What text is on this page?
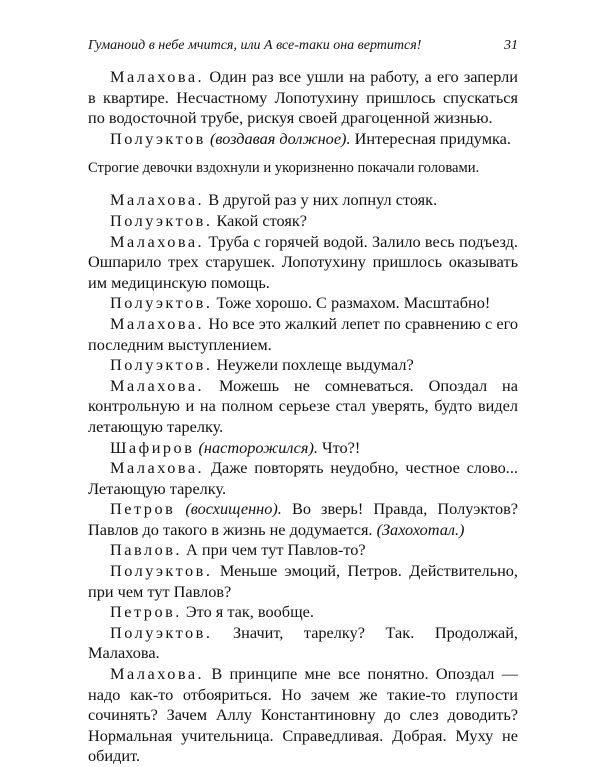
Гуманоид в небе мчится, или А все-таки она вертится!	31

Малахова. Один раз все ушли на работу, а его заперли в квартире. Несчастному Лопотухину пришлось спускаться по водосточной трубе, рискуя своей драгоценной жизнью.

Полуэктов (воздавая должное). Интересная придумка.

Строгие девочки вздохнули и укоризненно покачали головами.

Малахова. В другой раз у них лопнул стояк.

Полуэктов. Какой стояк?

Малахова. Труба с горячей водой. Залило весь подъезд. Ошпарило трех старушек. Лопотухину пришлось оказывать им медицинскую помощь.

Полуэктов. Тоже хорошо. С размахом. Масштабно!

Малахова. Но все это жалкий лепет по сравнению с его последним выступлением.

Полуэктов. Неужели похлеще выдумал?

Малахова. Можешь не сомневаться. Опоздал на контрольную и на полном серьезе стал уверять, будто видел летающую тарелку.

Шафиров (насторожился). Что?!

Малахова. Даже повторять неудобно, честное слово... Летающую тарелку.

Петров (восхищенно). Во зверь! Правда, Полуэктов? Павлов до такого в жизнь не додумается. (Захохотал.)

Павлов. А при чем тут Павлов-то?

Полуэктов. Меньше эмоций, Петров. Действительно, при чем тут Павлов?

Петров. Это я так, вообще.

Полуэктов. Значит, тарелку? Так. Продолжай, Малахова.

Малахова. В принципе мне все понятно. Опоздал — надо как-то отбояриться. Но зачем же такие-то глупости сочинять? Зачем Аллу Константиновну до слез доводить? Нормальная учительница. Справедливая. Добрая. Муху не обидит.
